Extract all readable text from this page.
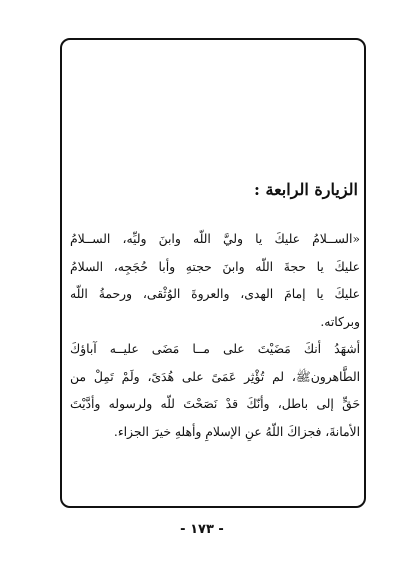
الزيارة الرابعة :
«الســلامُ عليكَ يا وليَّ اللّه وابنَ وليِّه، الســلامُ
عليكَ يا حجةَ اللّه وابنَ حجتهِ وأبا حُجَجِه، السلامُ
عليكَ يا إمامَ الهدى، والعروةَ الوُثْقى، ورحمةُ اللّه
وبركاته.
أشهَدُ أنكَ مَضَيْتَ على مــا مَضَى عليــه آباؤكَ
الطَّاهرونﷺ، لم تُؤْثِر عَمَىً على هُدَىً، ولَمْ تَمِلْ من
حَقٍّ إلى باطل، وأنّكَ قدْ نَصَحْتَ للّه ولرسوله وأدَّيْتَ
الأمانةَ، فجزاكَ اللّهُ عنِ الإسلامِ وأهلهِ خيرَ الجزاء.
- ١٧٣ -
